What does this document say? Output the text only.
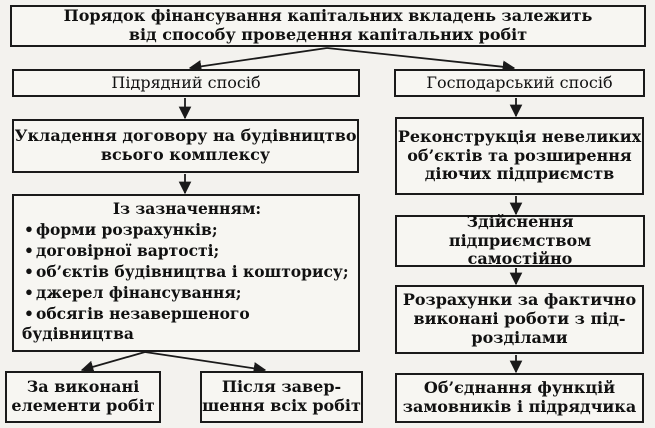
Порядок фінансування капітальних вкладень залежить
від способу проведення капітальних робіт
Підрядний спосіб
Укладення договору на будівництво
всього комплексу
Із зазначенням:
• форми розрахунків;
• договірної вартості;
• об’єктів будівництва і кошторису;
• джерел фінансування;
• обсягів незавершеного
будівництва
За виконані
елементи робіт
Після завер-
шення всіх робіт
Господарський спосіб
Реконструкція невеликих
об’єктів та розширення
діючих підприємств
Здійснення підприємством
самостійно
Розрахунки за фактично
виконані роботи з під-
розділами
Об’єднання функцій
замовників і підрядчика
